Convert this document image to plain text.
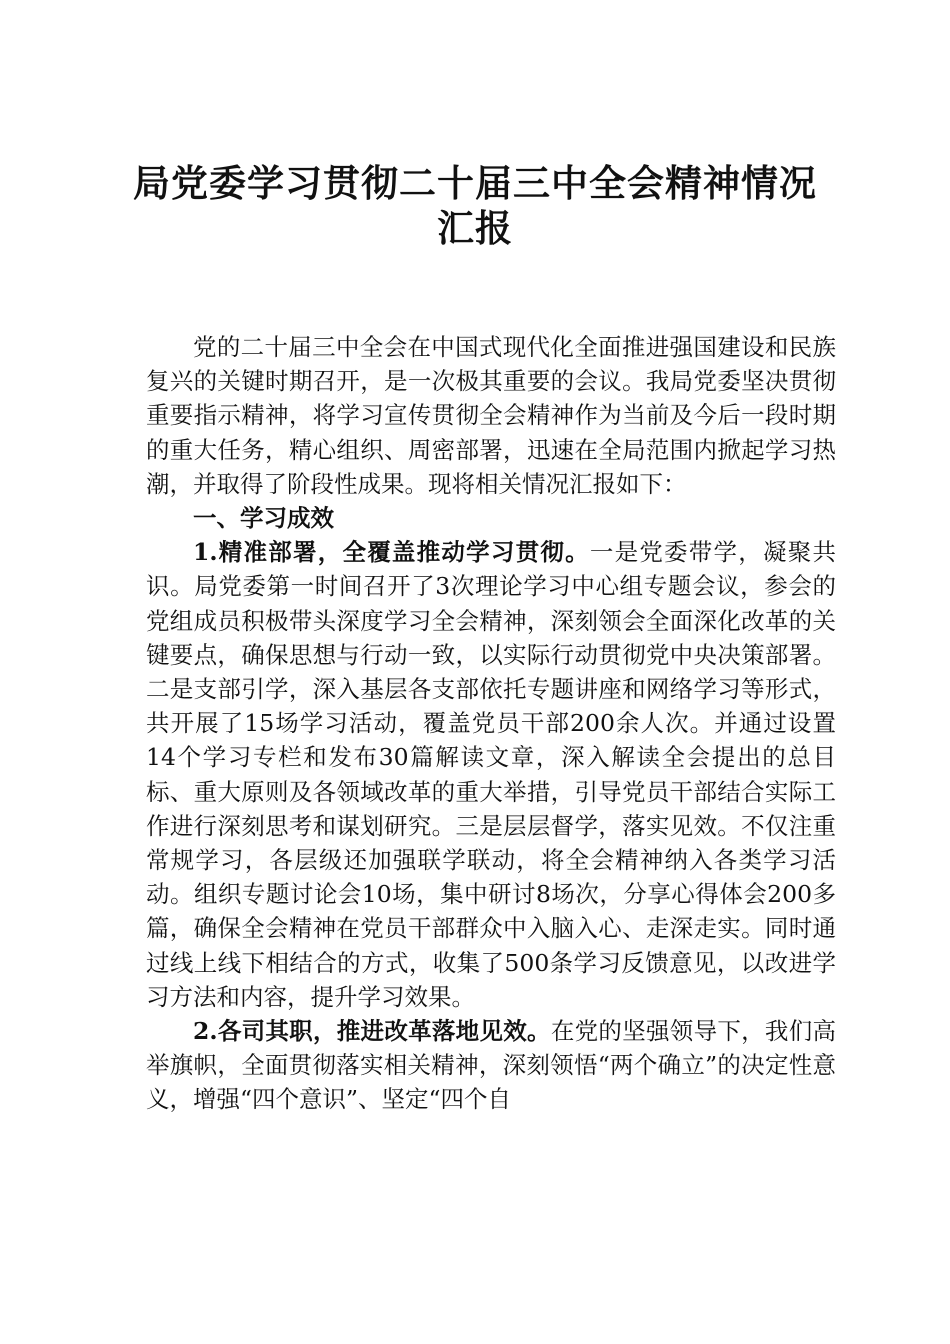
局党委学习贯彻二十届三中全会精神情况
汇报

党的二十届三中全会在中国式现代化全面推进强国建设和民族复兴的关键时期召开，是一次极其重要的会议。我局党委坚决贯彻重要指示精神，将学习宣传贯彻全会精神作为当前及今后一段时期的重大任务，精心组织、周密部署，迅速在全局范围内掀起学习热潮，并取得了阶段性成果。现将相关情况汇报如下：

一、学习成效

1.精准部署，全覆盖推动学习贯彻。一是党委带学，凝聚共识。局党委第一时间召开了3次理论学习中心组专题会议，参会的党组成员积极带头深度学习全会精神，深刻领会全面深化改革的关键要点，确保思想与行动一致，以实际行动贯彻党中央决策部署。二是支部引学，深入基层各支部依托专题讲座和网络学习等形式，共开展了15场学习活动，覆盖党员干部200余人次。并通过设置14个学习专栏和发布30篇解读文章，深入解读全会提出的总目标、重大原则及各领域改革的重大举措，引导党员干部结合实际工作进行深刻思考和谋划研究。三是层层督学，落实见效。不仅注重常规学习，各层级还加强联学联动，将全会精神纳入各类学习活动。组织专题讨论会10场，集中研讨8场次，分享心得体会200多篇，确保全会精神在党员干部群众中入脑入心、走深走实。同时通过线上线下相结合的方式，收集了500条学习反馈意见，以改进学习方法和内容，提升学习效果。

2.各司其职，推进改革落地见效。在党的坚强领导下，我们高举旗帜，全面贯彻落实相关精神，深刻领悟“两个确立”的决定性意义，增强“四个意识”、坚定“四个自
